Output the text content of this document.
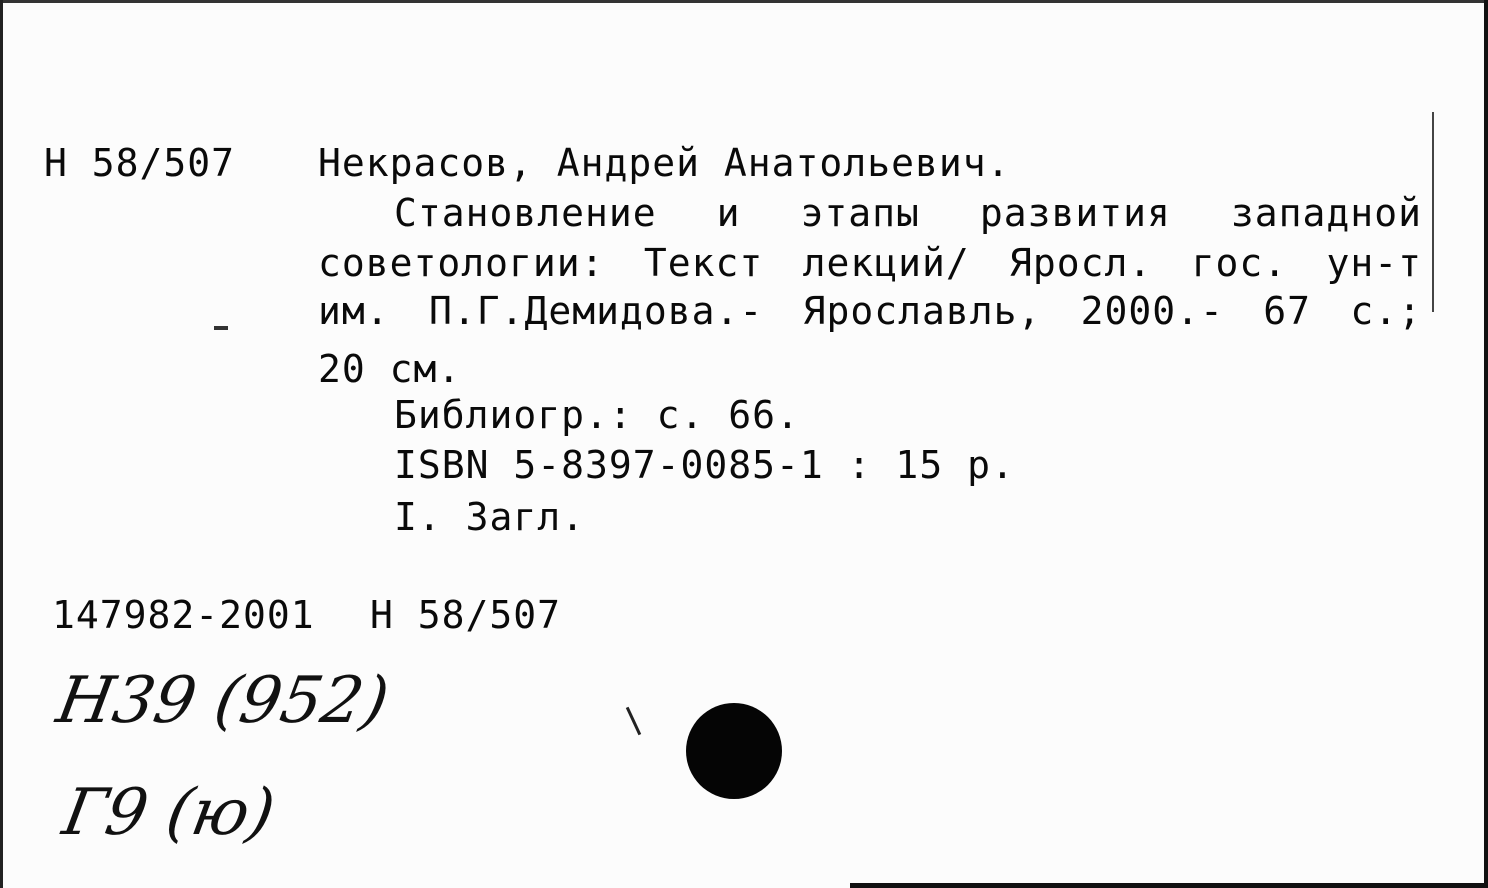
Н 58/507 Некрасов, Андрей Анатольевич.
Становление и этапы развития западной
советологии: Текст лекций/ Яросл. гос. ун-т
им. П.Г.Демидова.- Ярославль, 2000.- 67 с.;
20 см.
Библиогр.: с. 66.
ISBN 5-8397-0085-1 : 15 р.
I. Загл.
147982-2001 Н 58/507
Н39 (952)
Г9 (ю)
